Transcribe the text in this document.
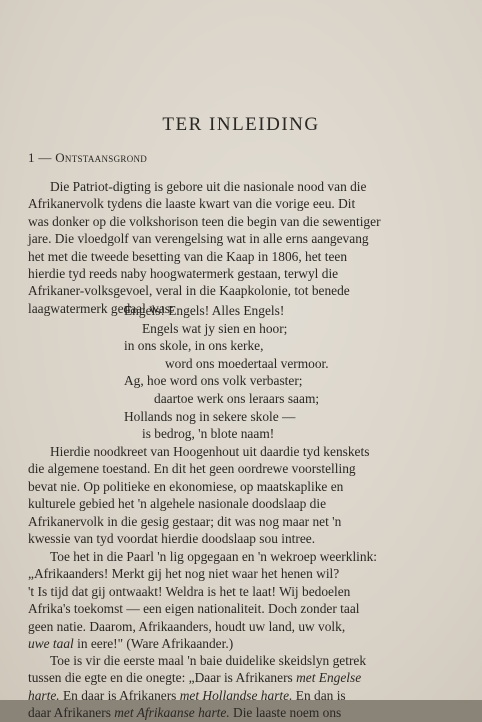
TER INLEIDING
1 — Ontstaansgrond
Die Patriot-digting is gebore uit die nasionale nood van die
Afrikanervolk tydens die laaste kwart van die vorige eeu. Dit
was donker op die volkshorison teen die begin van die sewentiger
jare. Die vloedgolf van verengelsing wat in alle erns aangevang
het met die tweede besetting van die Kaap in 1806, het teen
hierdie tyd reeds naby hoogwatermerk gestaan, terwyl die
Afrikaner-volksgevoel, veral in die Kaapkolonie, tot benede
laagwatermerk gedaal was:
Engels! Engels! Alles Engels!
Engels wat jy sien en hoor;
in ons skole, in ons kerke,
word ons moedertaal vermoor.
Ag, hoe word ons volk verbaster;
daartoe werk ons leraars saam;
Hollands nog in sekere skole —
is bedrog, 'n blote naam!
Hierdie noodkreet van Hoogenhout uit daardie tyd kenskets
die algemene toestand. En dit het geen oordrewe voorstelling
bevat nie. Op politieke en ekonomiese, op maatskaplike en
kulturele gebied het 'n algehele nasionale doodslaap die
Afrikanervolk in die gesig gestaar; dit was nog maar net 'n
kwessie van tyd voordat hierdie doodslaap sou intree.
Toe het in die Paarl 'n lig opgegaan en 'n wekroep weerklink:
„Afrikaanders! Merkt gij het nog niet waar het henen wil?
't Is tijd dat gij ontwaakt! Weldra is het te laat! Wij bedoelen
Afrika's toekomst — een eigen nationaliteit. Doch zonder taal
geen natie. Daarom, Afrikaanders, houdt uw land, uw volk,
uwe taal in eere!" (Ware Afrikaander.)
Toe is vir die eerste maal 'n baie duidelike skeidslyn getrek
tussen die egte en die onegte: „Daar is Afrikaners met Engelse
harte. En daar is Afrikaners met Hollandse harte. En dan is
daar Afrikaners met Afrikaanse harte. Die laaste noem ons
